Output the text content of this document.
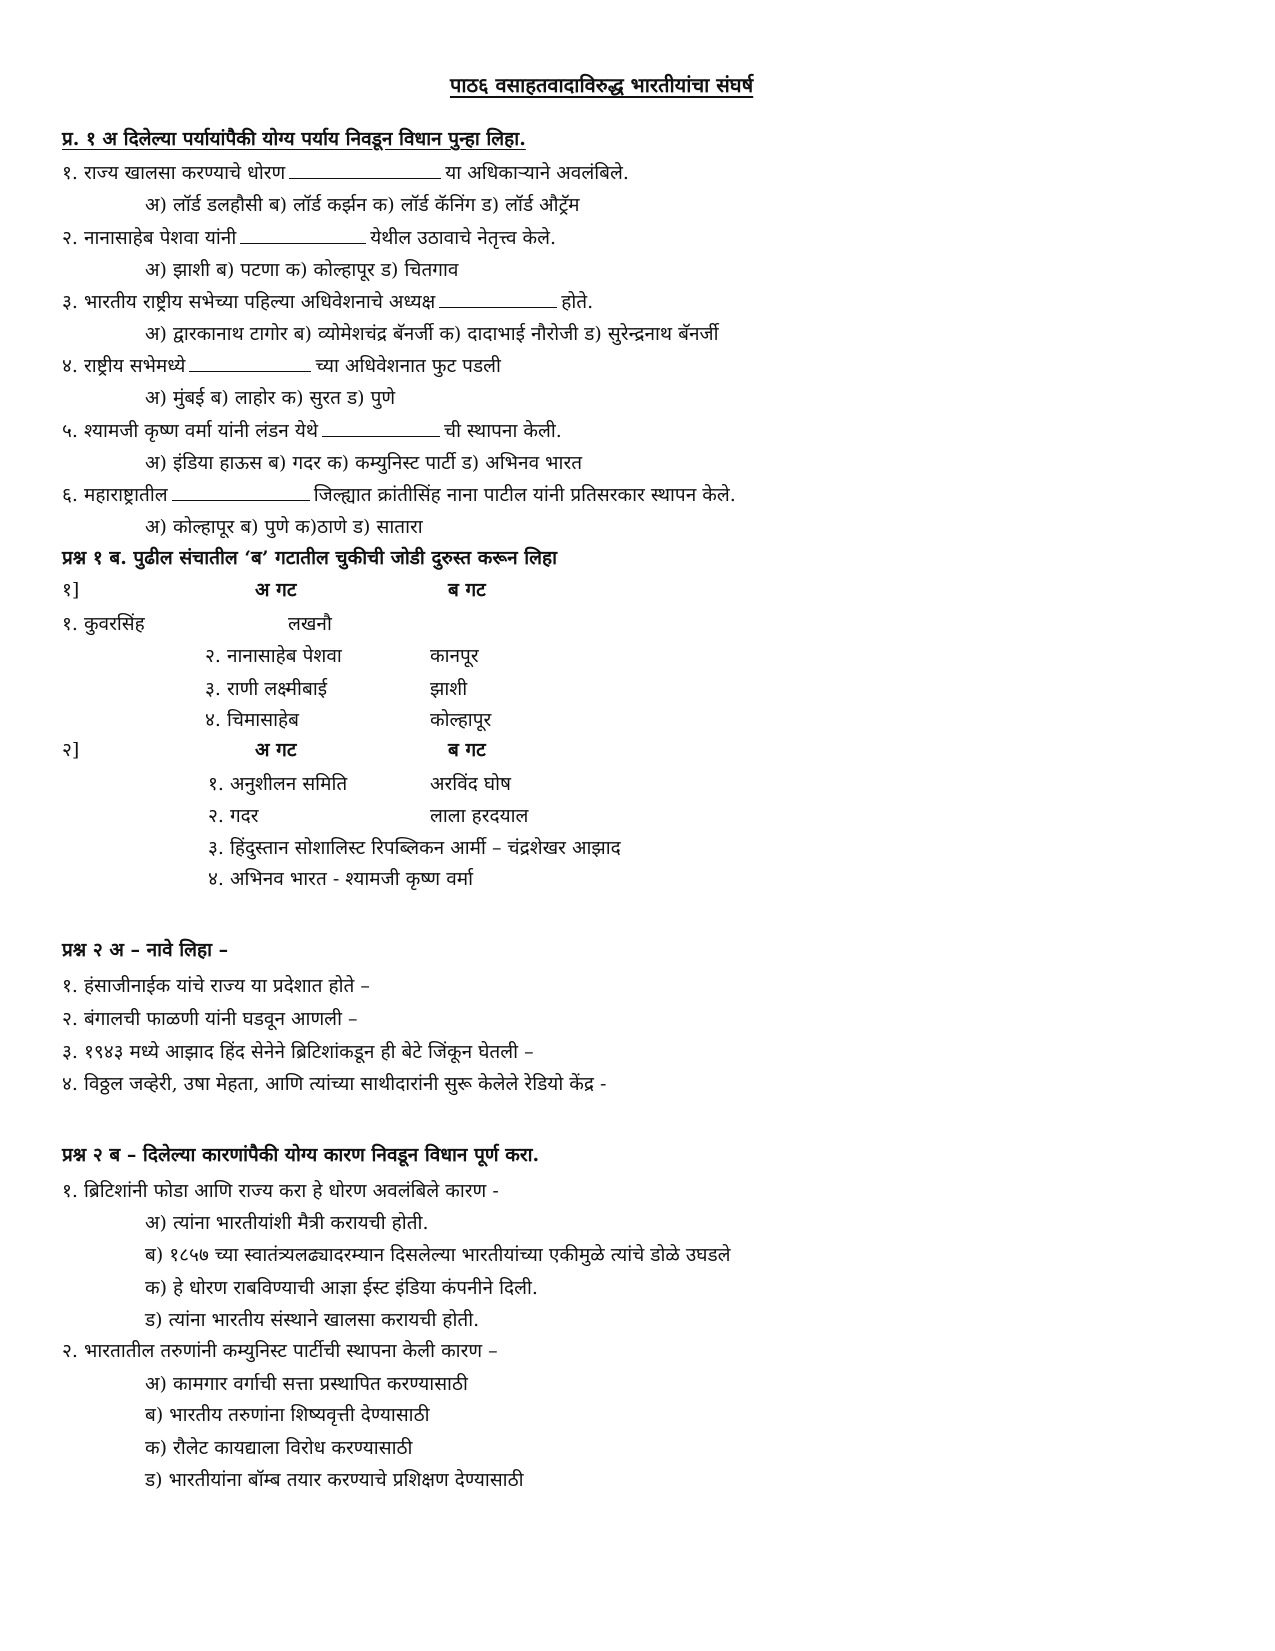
पाठ६ वसाहतवादाविरुद्ध भारतीयांचा संघर्ष
प्र. १ अ दिलेल्या पर्यायांपैकी योग्य पर्याय निवडून विधान पुन्हा लिहा.
१. राज्य खालसा करण्याचे धोरण	या अधिकाऱ्याने अवलंबिले.
अ) लॉर्ड डलहौसी ब) लॉर्ड कर्झन क) लॉर्ड कॅनिंग ड) लॉर्ड औट्रॅम
२. नानासाहेब पेशवा यांनी	येथील उठावाचे नेतृत्त्व केले.
अ) झाशी ब) पटणा क) कोल्हापूर ड) चितगाव
३. भारतीय राष्ट्रीय सभेच्या पहिल्या अधिवेशनाचे अध्यक्ष	होते.
अ) द्वारकानाथ टागोर ब) व्योमेशचंद्र बॅनर्जी क) दादाभाई नौरोजी ड) सुरेन्द्रनाथ बॅनर्जी
४. राष्ट्रीय सभेमध्ये	च्या अधिवेशनात फुट पडली
अ) मुंबई ब) लाहोर क) सुरत ड) पुणे
५. श्यामजी कृष्ण वर्मा यांनी लंडन येथे	ची स्थापना केली.
अ) इंडिया हाऊस ब) गदर क) कम्युनिस्ट पार्टी ड) अभिनव भारत
६. महाराष्ट्रातील	जिल्ह्यात क्रांतीसिंह नाना पाटील यांनी प्रतिसरकार स्थापन केले.
अ) कोल्हापूर ब) पुणे क)ठाणे ड) सातारा
प्रश्न १ ब. पुढील संचातील ‘ब’ गटातील चुकीची जोडी दुरुस्त करून लिहा
१]	अ गट	ब गट
१. कुवरसिंह	लखनौ
२. नानासाहेब पेशवा	कानपूर
३. राणी लक्ष्मीबाई	झाशी
४. चिमासाहेब	कोल्हापूर
२]	अ गट	ब गट
१. अनुशीलन समिति	अरविंद घोष
२. गदर	लाला हरदयाल
३. हिंदुस्तान सोशालिस्ट रिपब्लिकन आर्मी – चंद्रशेखर आझाद
४. अभिनव भारत - श्यामजी कृष्ण वर्मा
प्रश्न २ अ – नावे लिहा –
१. हंसाजीनाईक यांचे राज्य या प्रदेशात होते –
२. बंगालची फाळणी यांनी घडवून आणली –
३. १९४३ मध्ये आझाद हिंद सेनेने ब्रिटिशांकडून ही बेटे जिंकून घेतली –
४. विठ्ठल जव्हेरी, उषा मेहता, आणि त्यांच्या साथीदारांनी सुरू केलेले रेडियो केंद्र -
प्रश्न २ ब – दिलेल्या कारणांपैकी योग्य कारण निवडून विधान पूर्ण करा.
१. ब्रिटिशांनी फोडा आणि राज्य करा हे धोरण अवलंबिले कारण -
अ) त्यांना भारतीयांशी मैत्री करायची होती.
ब) १८५७ च्या स्वातंत्र्यलढ्यादरम्यान दिसलेल्या भारतीयांच्या एकीमुळे त्यांचे डोळे उघडले
क) हे धोरण राबविण्याची आज्ञा ईस्ट इंडिया कंपनीने दिली.
ड) त्यांना भारतीय संस्थाने खालसा करायची होती.
२. भारतातील तरुणांनी कम्युनिस्ट पार्टीची स्थापना केली कारण –
अ) कामगार वर्गाची सत्ता प्रस्थापित करण्यासाठी
ब) भारतीय तरुणांना शिष्यवृत्ती देण्यासाठी
क) रौलेट कायद्याला विरोध करण्यासाठी
ड) भारतीयांना बॉम्ब तयार करण्याचे प्रशिक्षण देण्यासाठी
